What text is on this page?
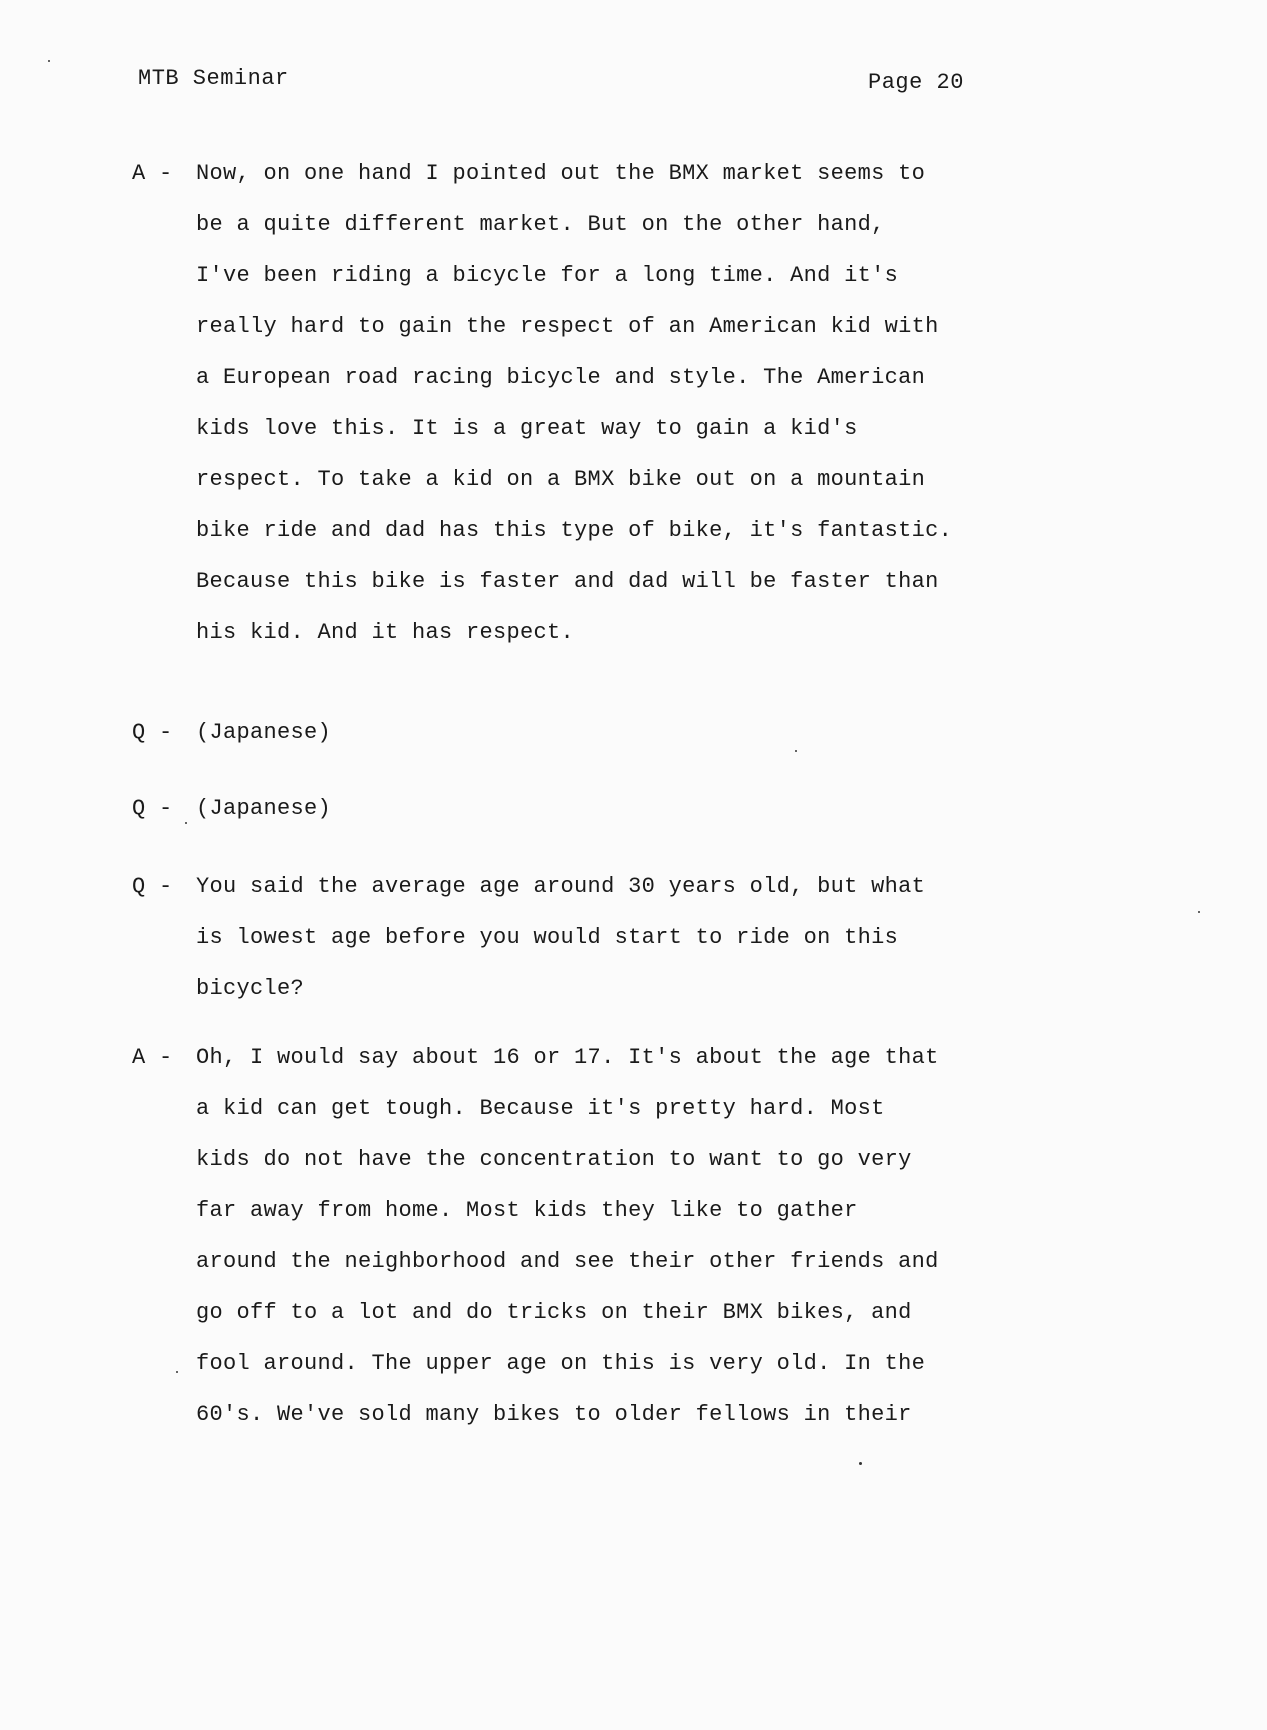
MTB Seminar	Page 20
A -	Now, on one hand I pointed out the BMX market seems to
be a quite different market. But on the other hand,
I've been riding a bicycle for a long time. And it's
really hard to gain the respect of an American kid with
a European road racing bicycle and style. The American
kids love this. It is a great way to gain a kid's
respect. To take a kid on a BMX bike out on a mountain
bike ride and dad has this type of bike, it's fantastic.
Because this bike is faster and dad will be faster than
his kid. And it has respect.
Q -	(Japanese)
Q -	(Japanese)
Q -	You said the average age around 30 years old, but what
is lowest age before you would start to ride on this
bicycle?
A -	Oh, I would say about 16 or 17. It's about the age that
a kid can get tough. Because it's pretty hard. Most
kids do not have the concentration to want to go very
far away from home. Most kids they like to gather
around the neighborhood and see their other friends and
go off to a lot and do tricks on their BMX bikes, and
fool around. The upper age on this is very old. In the
60's. We've sold many bikes to older fellows in their
